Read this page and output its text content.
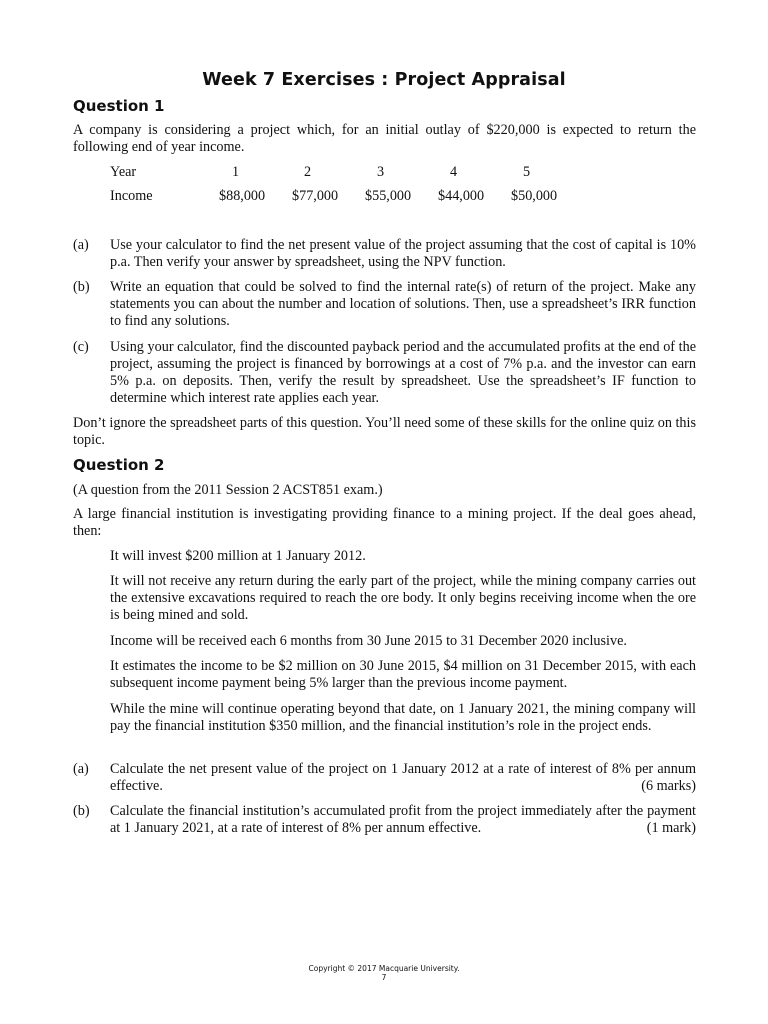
Week 7 Exercises : Project Appraisal
Question 1
A company is considering a project which, for an initial outlay of $220,000 is expected to return the following end of year income.
Year	1	2	3	4	5
Income	$88,000 $77,000 $55,000 $44,000 $50,000
(a) Use your calculator to find the net present value of the project assuming that the cost of capital is 10% p.a. Then verify your answer by spreadsheet, using the NPV function.
(b) Write an equation that could be solved to find the internal rate(s) of return of the project. Make any statements you can about the number and location of solutions. Then, use a spreadsheet’s IRR function to find any solutions.
(c) Using your calculator, find the discounted payback period and the accumulated profits at the end of the project, assuming the project is financed by borrowings at a cost of 7% p.a. and the investor can earn 5% p.a. on deposits. Then, verify the result by spreadsheet. Use the spreadsheet’s IF function to determine which interest rate applies each year.
Don’t ignore the spreadsheet parts of this question. You’ll need some of these skills for the online quiz on this topic.
Question 2
(A question from the 2011 Session 2 ACST851 exam.)
A large financial institution is investigating providing finance to a mining project. If the deal goes ahead, then:
It will invest $200 million at 1 January 2012.
It will not receive any return during the early part of the project, while the mining company carries out the extensive excavations required to reach the ore body. It only begins receiving income when the ore is being mined and sold.
Income will be received each 6 months from 30 June 2015 to 31 December 2020 inclusive.
It estimates the income to be $2 million on 30 June 2015, $4 million on 31 December 2015, with each subsequent income payment being 5% larger than the previous income payment.
While the mine will continue operating beyond that date, on 1 January 2021, the mining company will pay the financial institution $350 million, and the financial institution’s role in the project ends.
(a) Calculate the net present value of the project on 1 January 2012 at a rate of interest of 8% per annum effective.	(6 marks)
(b) Calculate the financial institution’s accumulated profit from the project immediately after the payment at 1 January 2021, at a rate of interest of 8% per annum effective.	(1 mark)
Copyright © 2017 Macquarie University.
7
